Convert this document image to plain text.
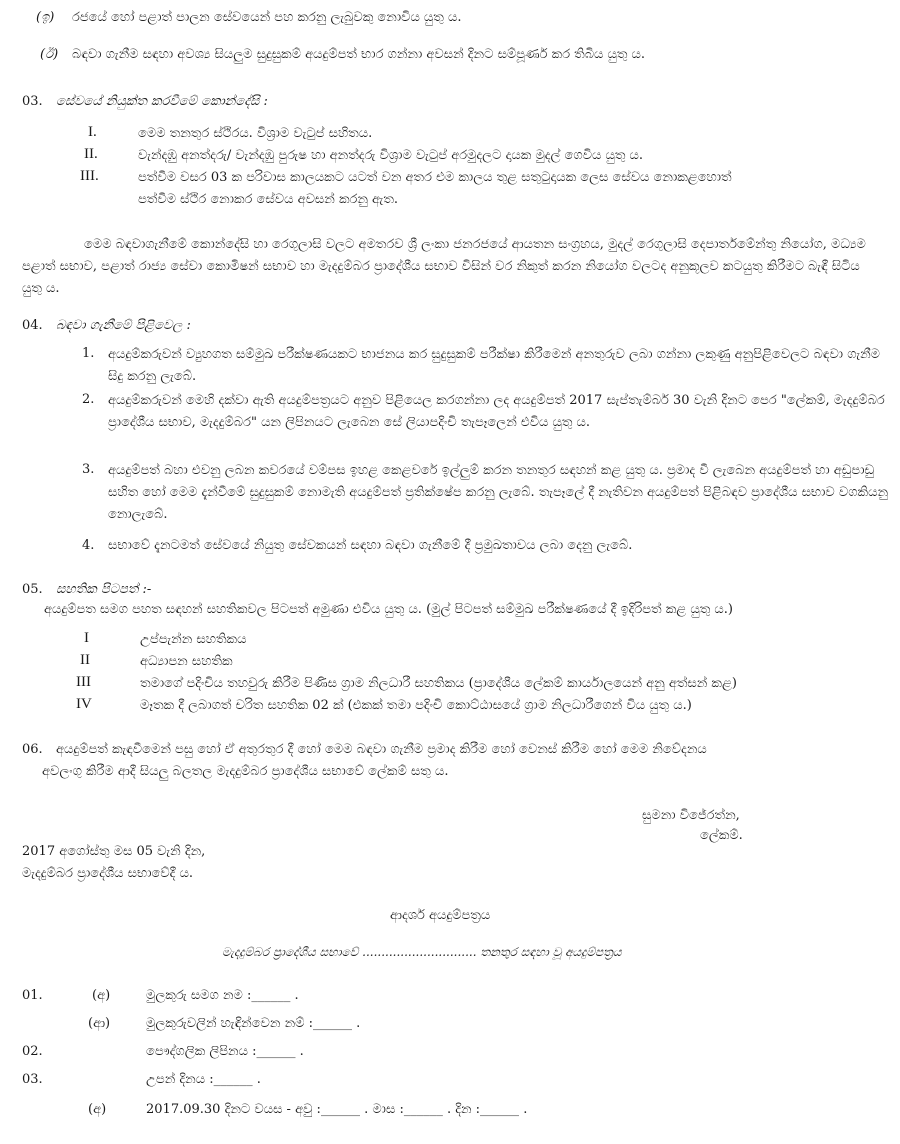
(ඉ) රජයේ හෝ පළාත් පාලන සේවයෙන් පහ කරනු ලැබුවකු නොවිය යුතු ය.
(ඊ) බඳවා ගැනීම සඳහා අවශ්‍ය සියලුම සුදුසුකම් අයදුම්පත් භාර ගන්නා අවසන් දිනට සම්පූර්ණ කර තිබිය යුතු ය.
03. සේවයේ නියුක්ත කරවීමේ කොන්දේසි :
I.	මෙම තනතුර ස්ථිරය. විශ්‍රාම වැටුප් සහිතය.
II.	වැන්දඹු අනත්දරු/ වැන්දඹු පුරුෂ හා අනත්දරු විශ්‍රාම වැටුප් අරමුදලට දායක මුදල් ගෙවිය යුතු ය.
III.	පත්වීම වසර 03 ක පරිවාස කාලයකට යටත් වන අතර එම කාලය තුළ සතුටුදායක ලෙස සේවය නොකළහොත්
පත්වීම ස්ථිර නොකර සේවය අවසන් කරනු ඇත.
මෙම බඳවාගැනීමේ කොන්දේසි හා රෙගුලාසි වලට අමතරව ශ්‍රී ලංකා ජනරජයේ ආයතන සංග්‍රහය, මුදල් රෙගුලාසි දෙපාර්තමේන්තු නියෝග, මධ්‍යම පළාත් සභාව, පළාත් රාජ්‍ය සේවා කොමිෂන් සභාව හා මැදදුම්බර ප්‍රාදේශීය සභාව විසින් වර නිකුත් කරන නියෝග වලටද අනුකූලව කටයුතු කිරීමට බැඳී සිටිය යුතු ය.
04. බඳවා ගැනීමේ පිළිවෙල :
1. අයදුම්කරුවන් ව්‍යුහගත සම්මුඛ පරීක්ෂණයකට භාජනය කර සුදුසුකම් පරීක්ෂා කිරීමෙන් අනතුරුව ලබා ගන්නා ලකුණු අනුපිළිවෙලට බඳවා ගැනීම සිදු කරනු ලැබේ.
2. අයදුම්කරුවන් මෙහි දක්වා ඇති අයදුම්පත්‍රයට අනුව පිළියෙල කරගන්නා ලද අයදුම්පත් 2017 සැප්තැම්බර් 30 වැනි දිනට පෙර "ලේකම්, මැදදුම්බර ප්‍රාදේශීය සභාව, මැදදුම්බර" යන ලිපිනයට ලැබෙන සේ ලියාපදිංචි තැපෑලෙන් එවිය යුතු ය.
3. අයදුම්පත් බහා එවනු ලබන කවරයේ වම්පස ඉහළ කෙළවරේ ඉල්ලුම් කරන තනතුර සඳහන් කළ යුතු ය. ප්‍රමාද වී ලැබෙන අයදුම්පත් හා අඩුපාඩු සහිත හෝ මෙම දැන්වීමේ සුදුසුකම් නොමැති අයදුම්පත් ප්‍රතික්ෂේප කරනු ලැබේ. තැපෑලේ දී නැතිවන අයදුම්පත් පිළිබඳව ප්‍රාදේශීය සභාව වගකියනු නොලැබේ.
4. සභාවේ දැනටමත් සේවයේ නියුතු සේවකයන් සඳහා බඳවා ගැනීමේ දී ප්‍රමුඛතාවය ලබා දෙනු ලැබේ.
05. සහතික පිටපත් :-
අයදුම්පත සමග පහත සඳහන් සහතිකවල පිටපත් අමුණා එවිය යුතු ය. (මුල් පිටපත් සම්මුඛ පරීක්ෂණයේ දී ඉදිරිපත් කළ යුතු ය.)
I	උප්පැන්න සහතිකය
II	අධ්‍යාපන සහතික
III	තමාගේ පදිංචිය තහවුරු කිරීම පිණිස ග්‍රාම නිලධාරී සහතිකය (ප්‍රාදේශීය ලේකම් කාර්යාලයෙන් අනු අත්සන් කළ)
IV	මෑතක දී ලබාගත් චරිත සහතික 02 ක් (එකක් තමා පදිංචි කොට්ඨාසයේ ග්‍රාම නිලධාරීගෙන් විය යුතු ය.)
06. අයදුම්පත් කැඳවීමෙන් පසු හෝ ඒ අතුරතුර දී හෝ මෙම බඳවා ගැනීම ප්‍රමාද කිරීම හෝ වෙනස් කිරීම හෝ මෙම නිවේදනය
අවලංගු කිරීම ආදී සියලු බලතල මැදදුම්බර ප්‍රාදේශීය සභාවේ ලේකම් සතු ය.
සුමනා විජේරත්න,
ලේකම්.
2017 අගෝස්තු මස 05 වැනි දින,
මැදදුම්බර ප්‍රාදේශීය සභාවේදී ය.
ආදර්ශ අයදුම්පත්‍රය
මැදදුම්බර ප්‍රාදේශීය සභාවේ .............................. තනතුර සඳහා වූ අයදුම්පත්‍රය
01.	(අ)	මුලකුරු සමග නම :______ .
(ආ)	මුලකුරුවලින් හැඳින්වෙන නම් :______ .
02.	පෞද්ගලික ලිපිනය :______ .
03.	උපන් දිනය :______ .
(අ)	2017.09.30 දිනට වයස - අවු :______ . මාස :______ . දින :______ .
